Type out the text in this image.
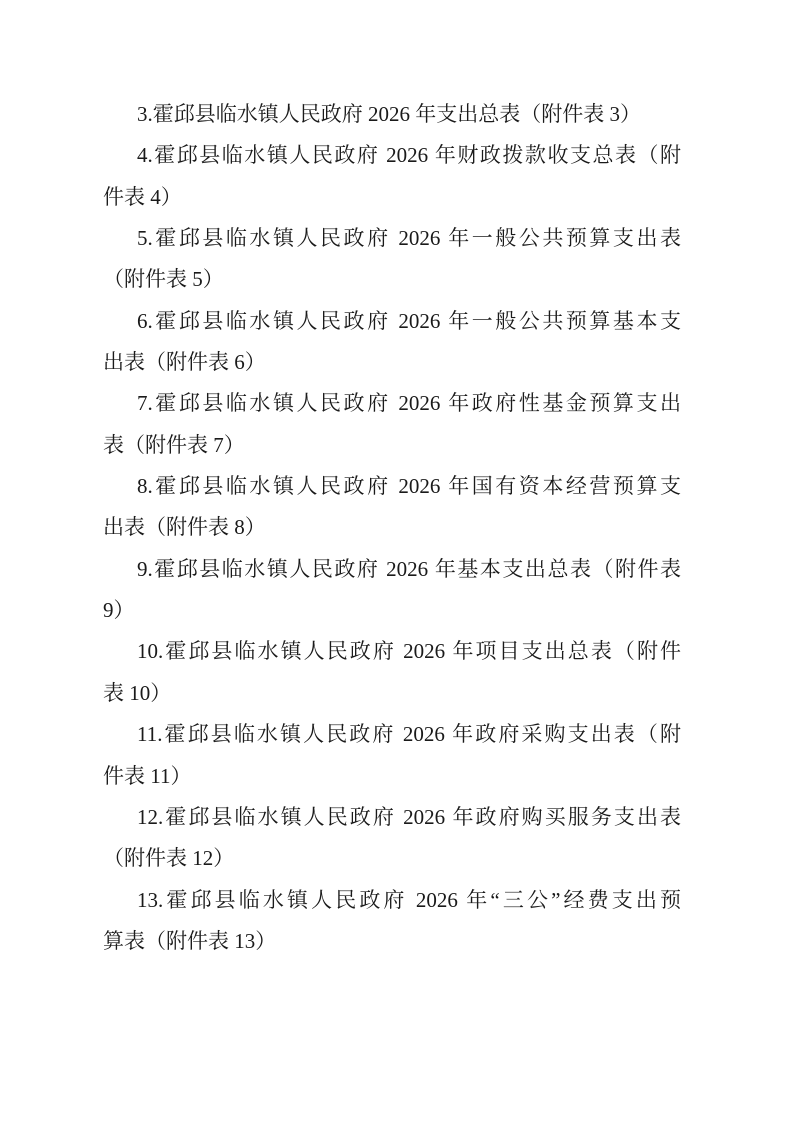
3.霍邱县临水镇人民政府 2026 年支出总表（附件表 3）
4.霍邱县临水镇人民政府 2026 年财政拨款收支总表（附
件表 4）
5.霍邱县临水镇人民政府 2026 年一般公共预算支出表
（附件表 5）
6.霍邱县临水镇人民政府 2026 年一般公共预算基本支
出表（附件表 6）
7.霍邱县临水镇人民政府 2026 年政府性基金预算支出
表（附件表 7）
8.霍邱县临水镇人民政府 2026 年国有资本经营预算支
出表（附件表 8）
9.霍邱县临水镇人民政府 2026 年基本支出总表（附件表
9）
10.霍邱县临水镇人民政府 2026 年项目支出总表（附件
表 10）
11.霍邱县临水镇人民政府 2026 年政府采购支出表（附
件表 11）
12.霍邱县临水镇人民政府 2026 年政府购买服务支出表
（附件表 12）
13.霍邱县临水镇人民政府 2026 年“三公”经费支出预
算表（附件表 13）
